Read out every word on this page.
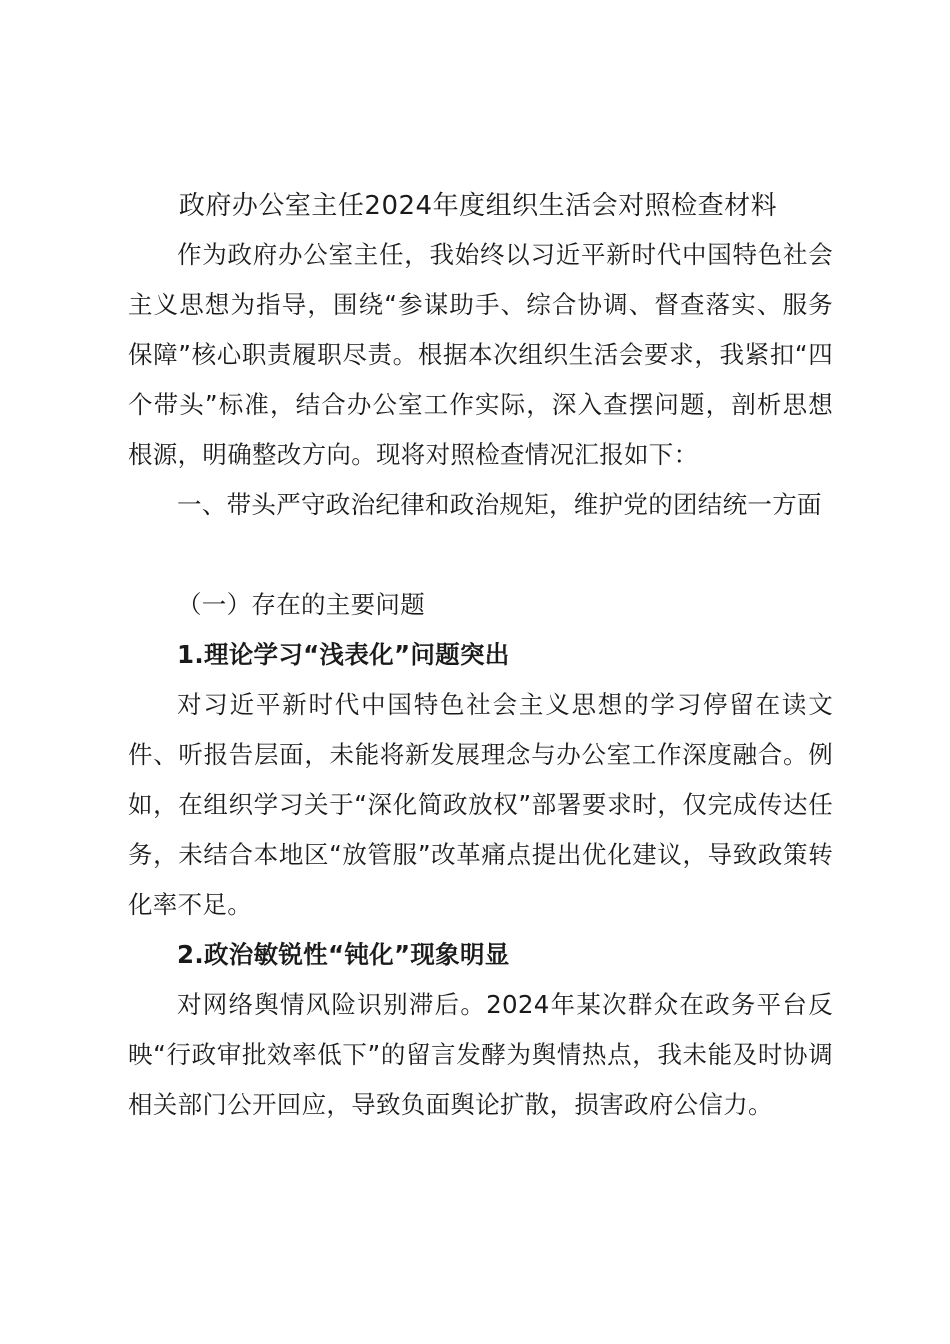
政府办公室主任2024年度组织生活会对照检查材料

作为政府办公室主任，我始终以习近平新时代中国特色社会主义思想为指导，围绕“参谋助手、综合协调、督查落实、服务保障”核心职责履职尽责。根据本次组织生活会要求，我紧扣“四个带头”标准，结合办公室工作实际，深入查摆问题，剖析思想根源，明确整改方向。现将对照检查情况汇报如下：

一、带头严守政治纪律和政治规矩，维护党的团结统一方面

（一）存在的主要问题

1.理论学习“浅表化”问题突出

对习近平新时代中国特色社会主义思想的学习停留在读文件、听报告层面，未能将新发展理念与办公室工作深度融合。例如，在组织学习关于“深化简政放权”部署要求时，仅完成传达任务，未结合本地区“放管服”改革痛点提出优化建议，导致政策转化率不足。

2.政治敏锐性“钝化”现象明显

对网络舆情风险识别滞后。2024年某次群众在政务平台反映“行政审批效率低下”的留言发酵为舆情热点，我未能及时协调相关部门公开回应，导致负面舆论扩散，损害政府公信力。
